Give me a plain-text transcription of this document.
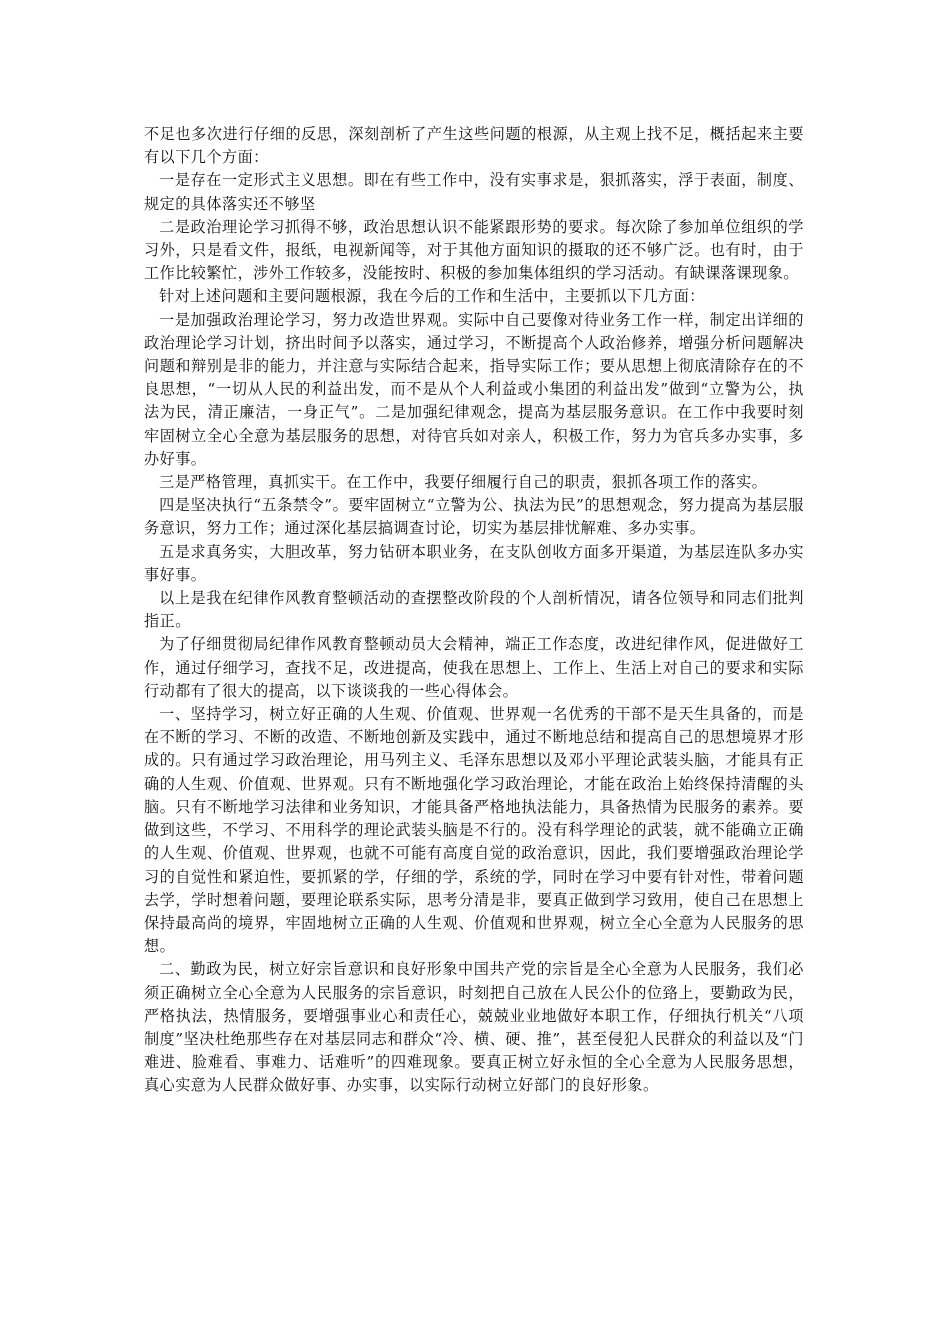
不足也多次进行仔细的反思，深刻剖析了产生这些问题的根源，从主观上找不足，概括起来主要有以下几个方面：

一是存在一定形式主义思想。即在有些工作中，没有实事求是，狠抓落实，浮于表面，制度、规定的具体落实还不够坚

二是政治理论学习抓得不够，政治思想认识不能紧跟形势的要求。每次除了参加单位组织的学习外，只是看文件，报纸，电视新闻等，对于其他方面知识的摄取的还不够广泛。也有时，由于工作比较繁忙，涉外工作较多，没能按时、积极的参加集体组织的学习活动。有缺课落课现象。

针对上述问题和主要问题根源，我在今后的工作和生活中，主要抓以下几方面：

一是加强政治理论学习，努力改造世界观。实际中自己要像对待业务工作一样，制定出详细的政治理论学习计划，挤出时间予以落实，通过学习，不断提高个人政治修养，增强分析问题解决问题和辩别是非的能力，并注意与实际结合起来，指导实际工作；要从思想上彻底清除存在的不良思想，“一切从人民的利益出发，而不是从个人利益或小集团的利益出发”做到“立警为公，执法为民，清正廉洁，一身正气”。二是加强纪律观念，提高为基层服务意识。在工作中我要时刻牢固树立全心全意为基层服务的思想，对待官兵如对亲人，积极工作，努力为官兵多办实事，多办好事。

三是严格管理，真抓实干。在工作中，我要仔细履行自己的职责，狠抓各项工作的落实。

四是坚决执行“五条禁令”。要牢固树立“立警为公、执法为民”的思想观念，努力提高为基层服务意识，努力工作；通过深化基层搞调查讨论，切实为基层排忧解难、多办实事。

五是求真务实，大胆改革，努力钻研本职业务，在支队创收方面多开渠道，为基层连队多办实事好事。

以上是我在纪律作风教育整顿活动的查摆整改阶段的个人剖析情况，请各位领导和同志们批判指正。

为了仔细贯彻局纪律作风教育整顿动员大会精神，端正工作态度，改进纪律作风，促进做好工作，通过仔细学习，查找不足，改进提高，使我在思想上、工作上、生活上对自己的要求和实际行动都有了很大的提高，以下谈谈我的一些心得体会。

一、坚持学习，树立好正确的人生观、价值观、世界观一名优秀的干部不是天生具备的，而是在不断的学习、不断的改造、不断地创新及实践中，通过不断地总结和提高自己的思想境界才形成的。只有通过学习政治理论，用马列主义、毛泽东思想以及邓小平理论武装头脑，才能具有正确的人生观、价值观、世界观。只有不断地强化学习政治理论，才能在政治上始终保持清醒的头脑。只有不断地学习法律和业务知识，才能具备严格地执法能力，具备热情为民服务的素养。要做到这些，不学习、不用科学的理论武装头脑是不行的。没有科学理论的武装，就不能确立正确的人生观、价值观、世界观，也就不可能有高度自觉的政治意识，因此，我们要增强政治理论学习的自觉性和紧迫性，要抓紧的学，仔细的学，系统的学，同时在学习中要有针对性，带着问题去学，学时想着问题，要理论联系实际，思考分清是非，要真正做到学习致用，使自己在思想上保持最高尚的境界，牢固地树立正确的人生观、价值观和世界观，树立全心全意为人民服务的思想。

二、勤政为民，树立好宗旨意识和良好形象中国共产党的宗旨是全心全意为人民服务，我们必须正确树立全心全意为人民服务的宗旨意识，时刻把自己放在人民公仆的位臵上，要勤政为民，严格执法，热情服务，要增强事业心和责任心，兢兢业业地做好本职工作，仔细执行机关“八项制度”坚决杜绝那些存在对基层同志和群众“冷、横、硬、推”，甚至侵犯人民群众的利益以及“门难进、脸难看、事难力、话难听”的四难现象。要真正树立好永恒的全心全意为人民服务思想，真心实意为人民群众做好事、办实事，以实际行动树立好部门的良好形象。
